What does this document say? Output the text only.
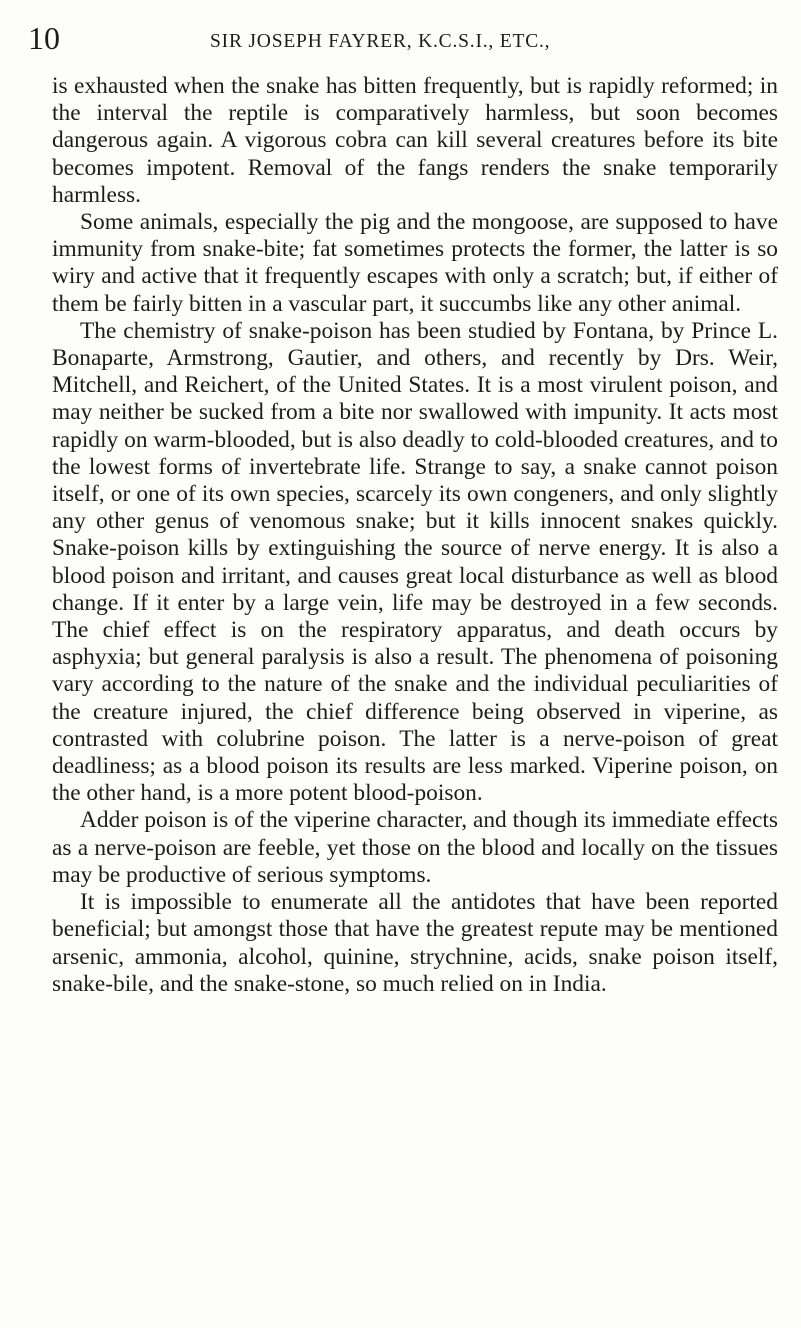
10	SIR JOSEPH FAYRER, K.C.S.I., ETC.,

is exhausted when the snake has bitten frequently, but is rapidly reformed; in the interval the reptile is comparatively harmless, but soon becomes dangerous again. A vigorous cobra can kill several creatures before its bite becomes impotent. Removal of the fangs renders the snake temporarily harmless.

Some animals, especially the pig and the mongoose, are supposed to have immunity from snake-bite; fat sometimes protects the former, the latter is so wiry and active that it frequently escapes with only a scratch; but, if either of them be fairly bitten in a vascular part, it succumbs like any other animal.

The chemistry of snake-poison has been studied by Fontana, by Prince L. Bonaparte, Armstrong, Gautier, and others, and recently by Drs. Weir, Mitchell, and Reichert, of the United States. It is a most virulent poison, and may neither be sucked from a bite nor swallowed with impunity. It acts most rapidly on warm-blooded, but is also deadly to cold-blooded creatures, and to the lowest forms of invertebrate life. Strange to say, a snake cannot poison itself, or one of its own species, scarcely its own congeners, and only slightly any other genus of venomous snake; but it kills innocent snakes quickly. Snake-poison kills by extinguishing the source of nerve energy. It is also a blood poison and irritant, and causes great local disturbance as well as blood change. If it enter by a large vein, life may be destroyed in a few seconds. The chief effect is on the respiratory apparatus, and death occurs by asphyxia; but general paralysis is also a result. The phenomena of poisoning vary according to the nature of the snake and the individual peculiarities of the creature injured, the chief difference being observed in viperine, as contrasted with colubrine poison. The latter is a nerve-poison of great deadliness; as a blood poison its results are less marked. Viperine poison, on the other hand, is a more potent blood-poison.

Adder poison is of the viperine character, and though its immediate effects as a nerve-poison are feeble, yet those on the blood and locally on the tissues may be productive of serious symptoms.

It is impossible to enumerate all the antidotes that have been reported beneficial; but amongst those that have the greatest repute may be mentioned arsenic, ammonia, alcohol, quinine, strychnine, acids, snake poison itself, snake-bile, and the snake-stone, so much relied on in India.
